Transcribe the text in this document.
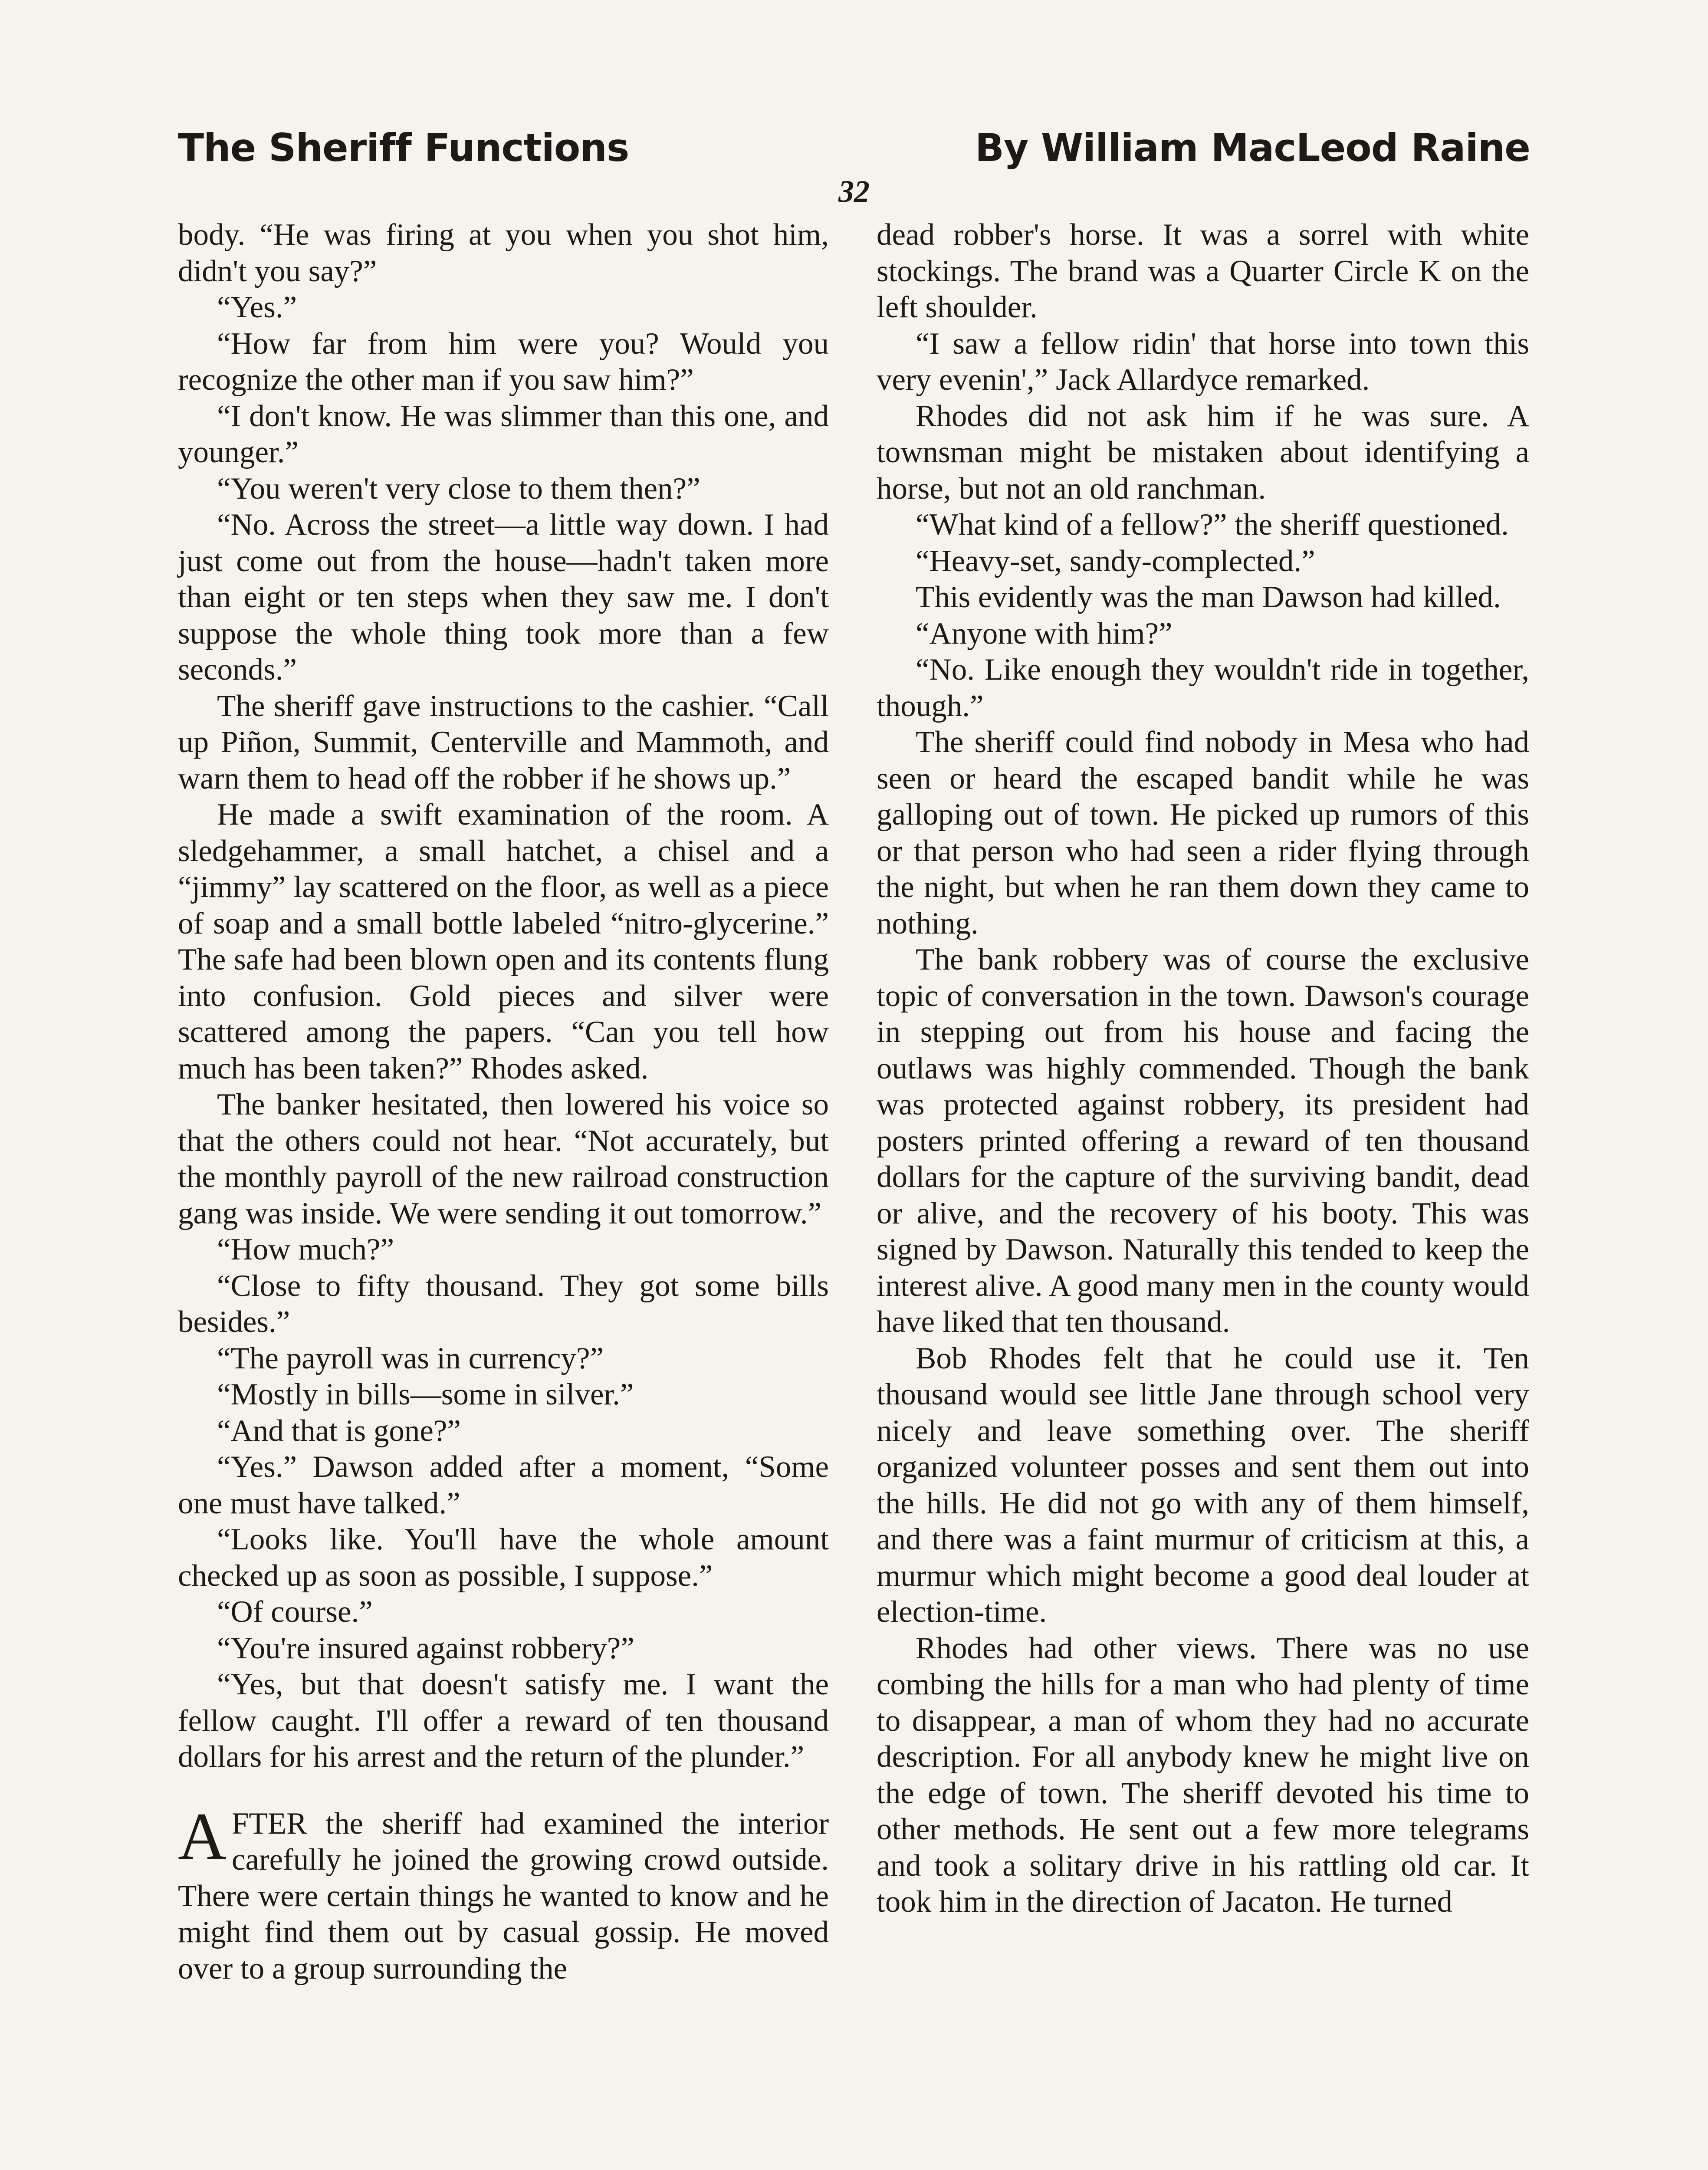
The Sheriff Functions	By William MacLeod Raine
32

body. “He was firing at you when you shot him, didn't you say?”

“Yes.”

“How far from him were you? Would you recognize the other man if you saw him?”

“I don't know. He was slimmer than this one, and younger.”

“You weren't very close to them then?”

“No. Across the street—a little way down. I had just come out from the house—hadn't taken more than eight or ten steps when they saw me. I don't suppose the whole thing took more than a few seconds.”

The sheriff gave instructions to the cashier. “Call up Piñon, Summit, Centerville and Mammoth, and warn them to head off the robber if he shows up.”

He made a swift examination of the room. A sledgehammer, a small hatchet, a chisel and a “jimmy” lay scattered on the floor, as well as a piece of soap and a small bottle labeled “nitro-glycerine.” The safe had been blown open and its contents flung into confusion. Gold pieces and silver were scattered among the papers. “Can you tell how much has been taken?” Rhodes asked.

The banker hesitated, then lowered his voice so that the others could not hear. “Not accurately, but the monthly payroll of the new railroad construction gang was inside. We were sending it out tomorrow.”

“How much?”

“Close to fifty thousand. They got some bills besides.”

“The payroll was in currency?”

“Mostly in bills—some in silver.”

“And that is gone?”

“Yes.” Dawson added after a moment, “Some one must have talked.”

“Looks like. You'll have the whole amount checked up as soon as possible, I suppose.”

“Of course.”

“You're insured against robbery?”

“Yes, but that doesn't satisfy me. I want the fellow caught. I'll offer a reward of ten thousand dollars for his arrest and the return of the plunder.”

AFTER the sheriff had examined the interior carefully he joined the growing crowd outside. There were certain things he wanted to know and he might find them out by casual gossip. He moved over to a group surrounding the

dead robber's horse. It was a sorrel with white stockings. The brand was a Quarter Circle K on the left shoulder.

“I saw a fellow ridin' that horse into town this very evenin',” Jack Allardyce remarked.

Rhodes did not ask him if he was sure. A townsman might be mistaken about identifying a horse, but not an old ranchman.

“What kind of a fellow?” the sheriff questioned.

“Heavy-set, sandy-complected.”

This evidently was the man Dawson had killed.

“Anyone with him?”

“No. Like enough they wouldn't ride in together, though.”

The sheriff could find nobody in Mesa who had seen or heard the escaped bandit while he was galloping out of town. He picked up rumors of this or that person who had seen a rider flying through the night, but when he ran them down they came to nothing.

The bank robbery was of course the exclusive topic of conversation in the town. Dawson's courage in stepping out from his house and facing the outlaws was highly commended. Though the bank was protected against robbery, its president had posters printed offering a reward of ten thousand dollars for the capture of the surviving bandit, dead or alive, and the recovery of his booty. This was signed by Dawson. Naturally this tended to keep the interest alive. A good many men in the county would have liked that ten thousand.

Bob Rhodes felt that he could use it. Ten thousand would see little Jane through school very nicely and leave something over. The sheriff organized volunteer posses and sent them out into the hills. He did not go with any of them himself, and there was a faint murmur of criticism at this, a murmur which might become a good deal louder at election-time.

Rhodes had other views. There was no use combing the hills for a man who had plenty of time to disappear, a man of whom they had no accurate description. For all anybody knew he might live on the edge of town. The sheriff devoted his time to other methods. He sent out a few more telegrams and took a solitary drive in his rattling old car. It took him in the direction of Jacaton. He turned
